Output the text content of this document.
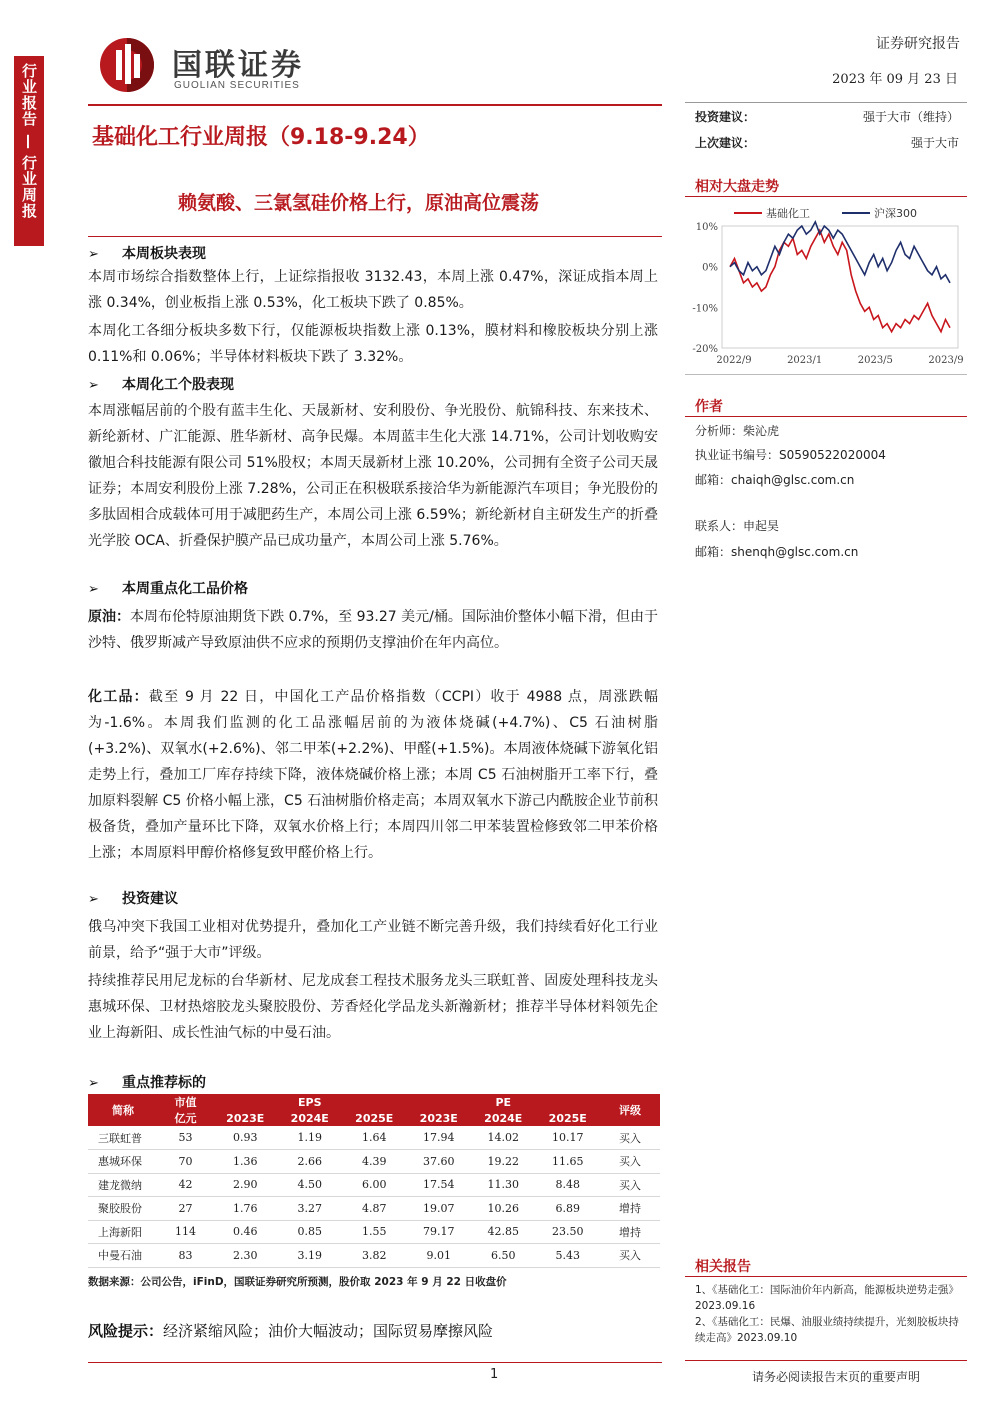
行业报告
—
行业周报
国联证券
GUOLIAN SECURITIES
证券研究报告
2023 年 09 月 23 日
基础化工行业周报（9.18-9.24）
赖氨酸、三氯氢硅价格上行，原油高位震荡
投资建议：	强于大市（维持）
上次建议：	强于大市
相对大盘走势
基础化工	沪深300
10%
0%
-10%
-20%
2022/9	2023/1	2023/5	2023/9
作者
分析师：柴沁虎
执业证书编号：S0590522020004
邮箱：chaiqh@glsc.com.cn
联系人：申起昊
邮箱：shenqh@glsc.com.cn
➢ 本周板块表现
本周市场综合指数整体上行，上证综指报收 3132.43，本周上涨 0.47%，深证成指本周上涨 0.34%，创业板指上涨 0.53%，化工板块下跌了 0.85%。
本周化工各细分板块多数下行，仅能源板块指数上涨 0.13%，膜材料和橡胶板块分别上涨 0.11%和 0.06%；半导体材料板块下跌了 3.32%。
➢ 本周化工个股表现
本周涨幅居前的个股有蓝丰生化、天晟新材、安利股份、争光股份、航锦科技、东来技术、新纶新材、广汇能源、胜华新材、高争民爆。本周蓝丰生化大涨 14.71%，公司计划收购安徽旭合科技能源有限公司 51%股权；本周天晟新材上涨 10.20%，公司拥有全资子公司天晟证券；本周安利股份上涨 7.28%，公司正在积极联系接洽华为新能源汽车项目；争光股份的多肽固相合成载体可用于减肥药生产，本周公司上涨 6.59%；新纶新材自主研发生产的折叠光学胶 OCA、折叠保护膜产品已成功量产，本周公司上涨 5.76%。
➢ 本周重点化工品价格
原油：本周布伦特原油期货下跌 0.7%，至 93.27 美元/桶。国际油价整体小幅下滑，但由于沙特、俄罗斯减产导致原油供不应求的预期仍支撑油价在年内高位。
化工品：截至 9 月 22 日，中国化工产品价格指数（CCPI）收于 4988 点，周涨跌幅为-1.6%。本周我们监测的化工品涨幅居前的为液体烧碱(+4.7%)、C5 石油树脂(+3.2%)、双氧水(+2.6%)、邻二甲苯(+2.2%)、甲醛(+1.5%)。本周液体烧碱下游氧化铝走势上行，叠加工厂库存持续下降，液体烧碱价格上涨；本周 C5 石油树脂开工率下行，叠加原料裂解 C5 价格小幅上涨，C5 石油树脂价格走高；本周双氧水下游己内酰胺企业节前积极备货，叠加产量环比下降，双氧水价格上行；本周四川邻二甲苯装置检修致邻二甲苯价格上涨；本周原料甲醇价格修复致甲醛价格上行。
➢ 投资建议
俄乌冲突下我国工业相对优势提升，叠加化工产业链不断完善升级，我们持续看好化工行业前景，给予“强于大市”评级。
持续推荐民用尼龙标的台华新材、尼龙成套工程技术服务龙头三联虹普、固废处理科技龙头惠城环保、卫材热熔胶龙头聚胶股份、芳香烃化学品龙头新瀚新材；推荐半导体材料领先企业上海新阳、成长性油气标的中曼石油。
➢ 重点推荐标的
简称	市值	EPS			PE			评级
	亿元	2023E	2024E	2025E	2023E	2024E	2025E	
三联虹普	53	0.93	1.19	1.64	17.94	14.02	10.17	买入
惠城环保	70	1.36	2.66	4.39	37.60	19.22	11.65	买入
建龙微纳	42	2.90	4.50	6.00	17.54	11.30	8.48	买入
聚胶股份	27	1.76	3.27	4.87	19.07	10.26	6.89	增持
上海新阳	114	0.46	0.85	1.55	79.17	42.85	23.50	增持
中曼石油	83	2.30	3.19	3.82	9.01	6.50	5.43	买入
数据来源：公司公告，iFinD，国联证券研究所预测，股价取 2023 年 9 月 22 日收盘价
风险提示：经济紧缩风险；油价大幅波动；国际贸易摩擦风险
相关报告
1、《基础化工：国际油价年内新高，能源板块逆势走强》2023.09.16
2、《基础化工：民爆、油服业绩持续提升，光刻胶板块持续走高》2023.09.10
1	请务必阅读报告末页的重要声明
